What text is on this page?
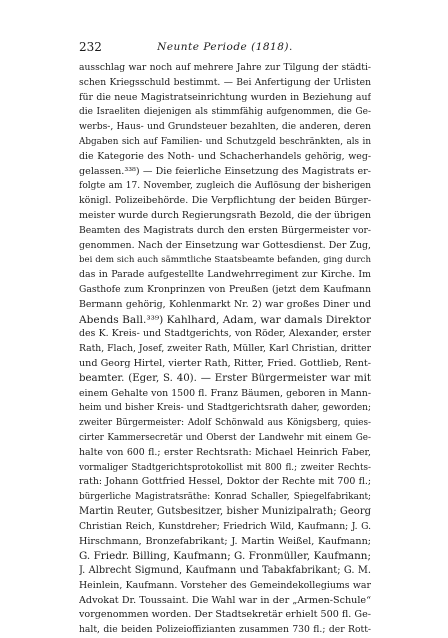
232	Neunte Periode (1818).
ausschlag war noch auf mehrere Jahre zur Tilgung der städti-
schen Kriegsschuld bestimmt. — Bei Anfertigung der Urlisten
für die neue Magistratseinrichtung wurden in Beziehung auf
die Israeliten diejenigen als stimmfähig aufgenommen, die Ge-
werbs-, Haus- und Grundsteuer bezahlten, die anderen, deren
Abgaben sich auf Familien- und Schutzgeld beschränkten, als in
die Kategorie des Noth- und Schacherhandels gehörig, weg-
gelassen.³³⁸) — Die feierliche Einsetzung des Magistrats er-
folgte am 17. November, zugleich die Auflösung der bisherigen
königl. Polizeibehörde. Die Verpflichtung der beiden Bürger-
meister wurde durch Regierungsrath Bezold, die der übrigen
Beamten des Magistrats durch den ersten Bürgermeister vor-
genommen. Nach der Einsetzung war Gottesdienst. Der Zug,
bei dem sich auch sämmtliche Staatsbeamte befanden, ging durch
das in Parade aufgestellte Landwehrregiment zur Kirche. Im
Gasthofe zum Kronprinzen von Preußen (jetzt dem Kaufmann
Bermann gehörig, Kohlenmarkt Nr. 2) war großes Diner und
Abends Ball.³³⁹) Kahlhard, Adam, war damals Direktor
des K. Kreis- und Stadtgerichts, von Röder, Alexander, erster
Rath, Flach, Josef, zweiter Rath, Müller, Karl Christian, dritter
und Georg Hirtel, vierter Rath, Ritter, Fried. Gottlieb, Rent-
beamter. (Eger, S. 40). — Erster Bürgermeister war mit
einem Gehalte von 1500 fl. Franz Bäumen, geboren in Mann-
heim und bisher Kreis- und Stadtgerichtsrath daher, geworden;
zweiter Bürgermeister: Adolf Schönwald aus Königsberg, quies-
cirter Kammersecretär und Oberst der Landwehr mit einem Ge-
halte von 600 fl.; erster Rechtsrath: Michael Heinrich Faber,
vormaliger Stadtgerichtsprotokollist mit 800 fl.; zweiter Rechts-
rath: Johann Gottfried Hessel, Doktor der Rechte mit 700 fl.;
bürgerliche Magistratsräthe: Konrad Schaller, Spiegelfabrikant;
Martin Reuter, Gutsbesitzer, bisher Munizipalrath; Georg
Christian Reich, Kunstdreher; Friedrich Wild, Kaufmann; J. G.
Hirschmann, Bronzefabrikant; J. Martin Weißel, Kaufmann;
G. Friedr. Billing, Kaufmann; G. Fronmüller, Kaufmann;
J. Albrecht Sigmund, Kaufmann und Tabakfabrikant; G. M.
Heinlein, Kaufmann. Vorsteher des Gemeindekollegiums war
Advokat Dr. Toussaint. Die Wahl war in der „Armen-Schule“
vorgenommen worden. Der Stadtsekretär erhielt 500 fl. Ge-
halt, die beiden Polizeioffizianten zusammen 730 fl.; der Rott-
